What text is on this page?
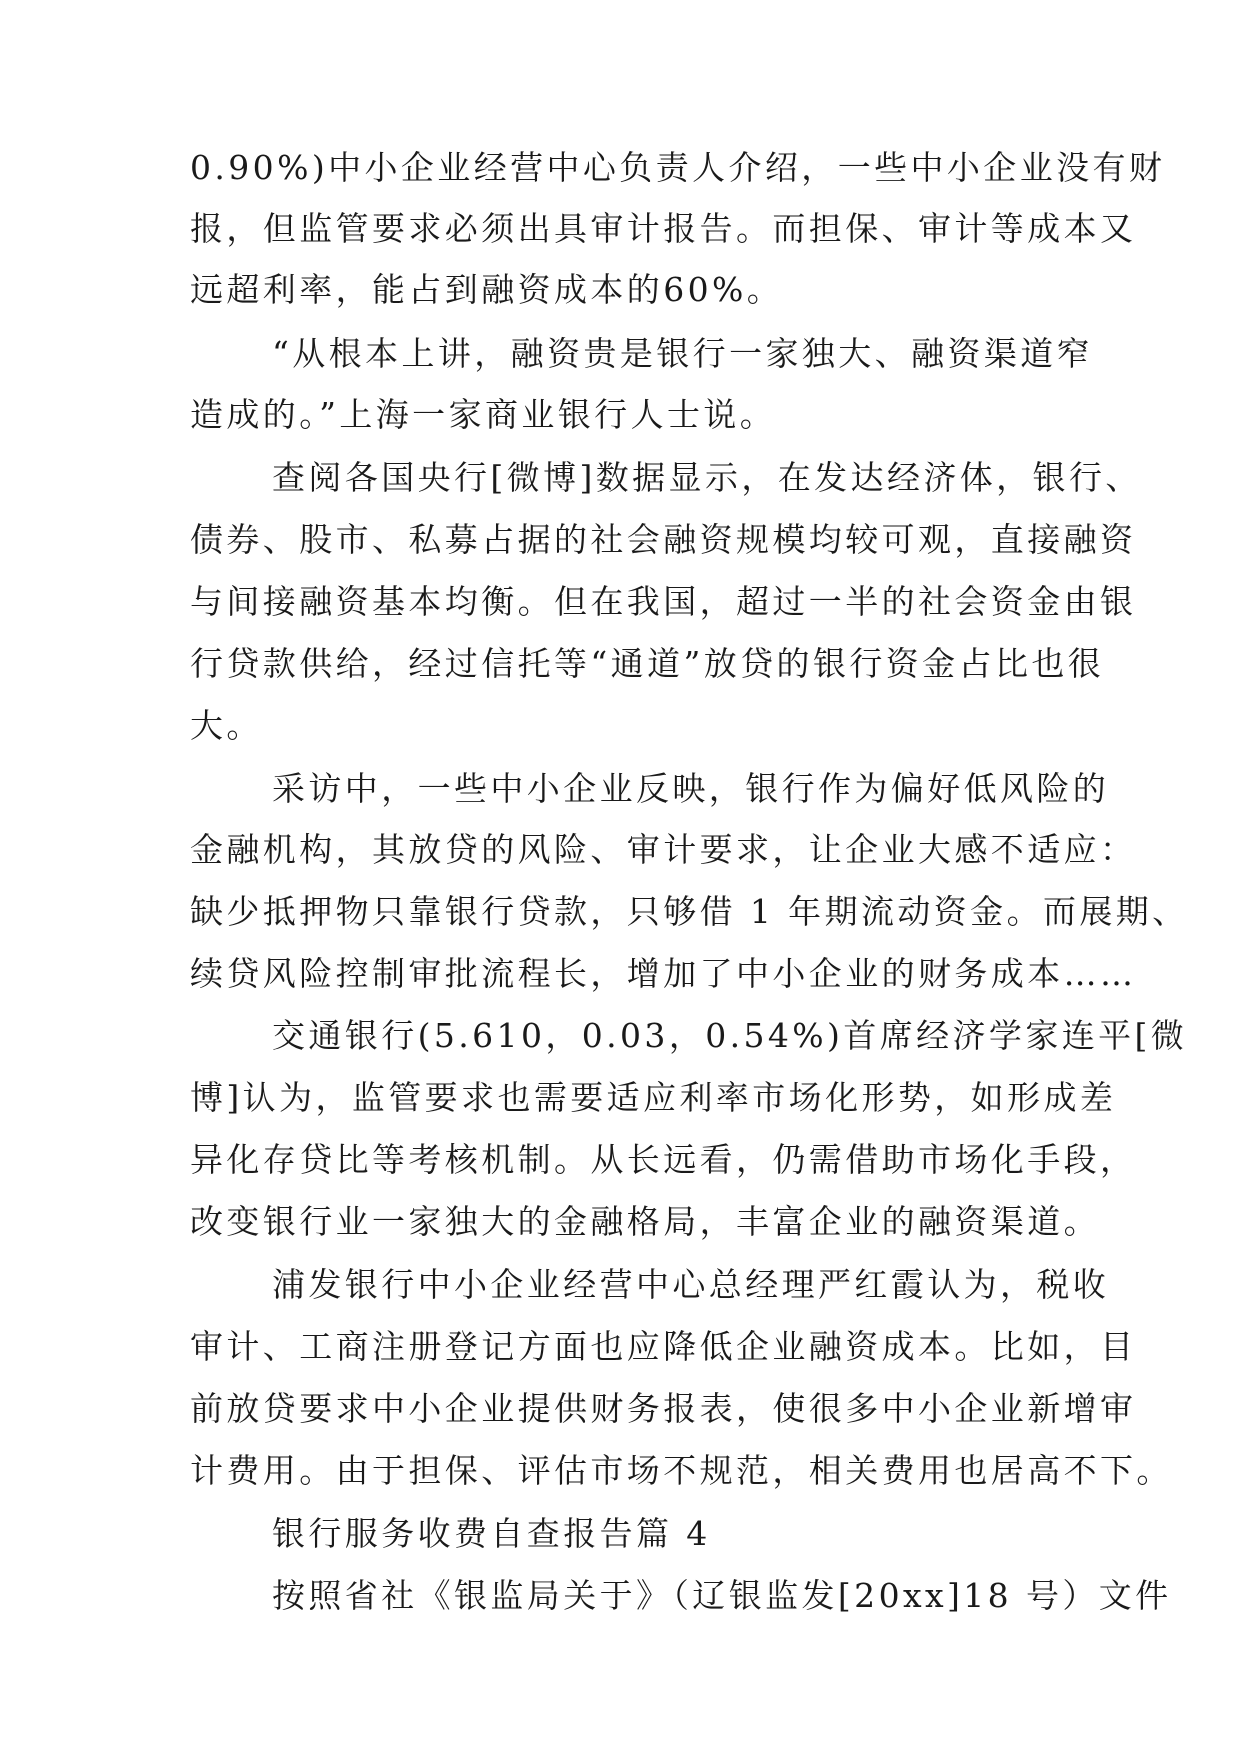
0.90%)中小企业经营中心负责人介绍，一些中小企业没有财
报，但监管要求必须出具审计报告。而担保、审计等成本又
远超利率，能占到融资成本的60%。
“从根本上讲，融资贵是银行一家独大、融资渠道窄
造成的。”上海一家商业银行人士说。
查阅各国央行[微博]数据显示，在发达经济体，银行、
债券、股市、私募占据的社会融资规模均较可观，直接融资
与间接融资基本均衡。但在我国，超过一半的社会资金由银
行贷款供给，经过信托等“通道”放贷的银行资金占比也很
大。
采访中，一些中小企业反映，银行作为偏好低风险的
金融机构，其放贷的风险、审计要求，让企业大感不适应：
缺少抵押物只靠银行贷款，只够借 1 年期流动资金。而展期、
续贷风险控制审批流程长，增加了中小企业的财务成本……
交通银行(5.610，0.03，0.54%)首席经济学家连平[微
博]认为，监管要求也需要适应利率市场化形势，如形成差
异化存贷比等考核机制。从长远看，仍需借助市场化手段，
改变银行业一家独大的金融格局，丰富企业的融资渠道。
浦发银行中小企业经营中心总经理严红霞认为，税收
审计、工商注册登记方面也应降低企业融资成本。比如，目
前放贷要求中小企业提供财务报表，使很多中小企业新增审
计费用。由于担保、评估市场不规范，相关费用也居高不下。
银行服务收费自查报告篇 4
按照省社《银监局关于》（辽银监发[20xx]18 号）文件
